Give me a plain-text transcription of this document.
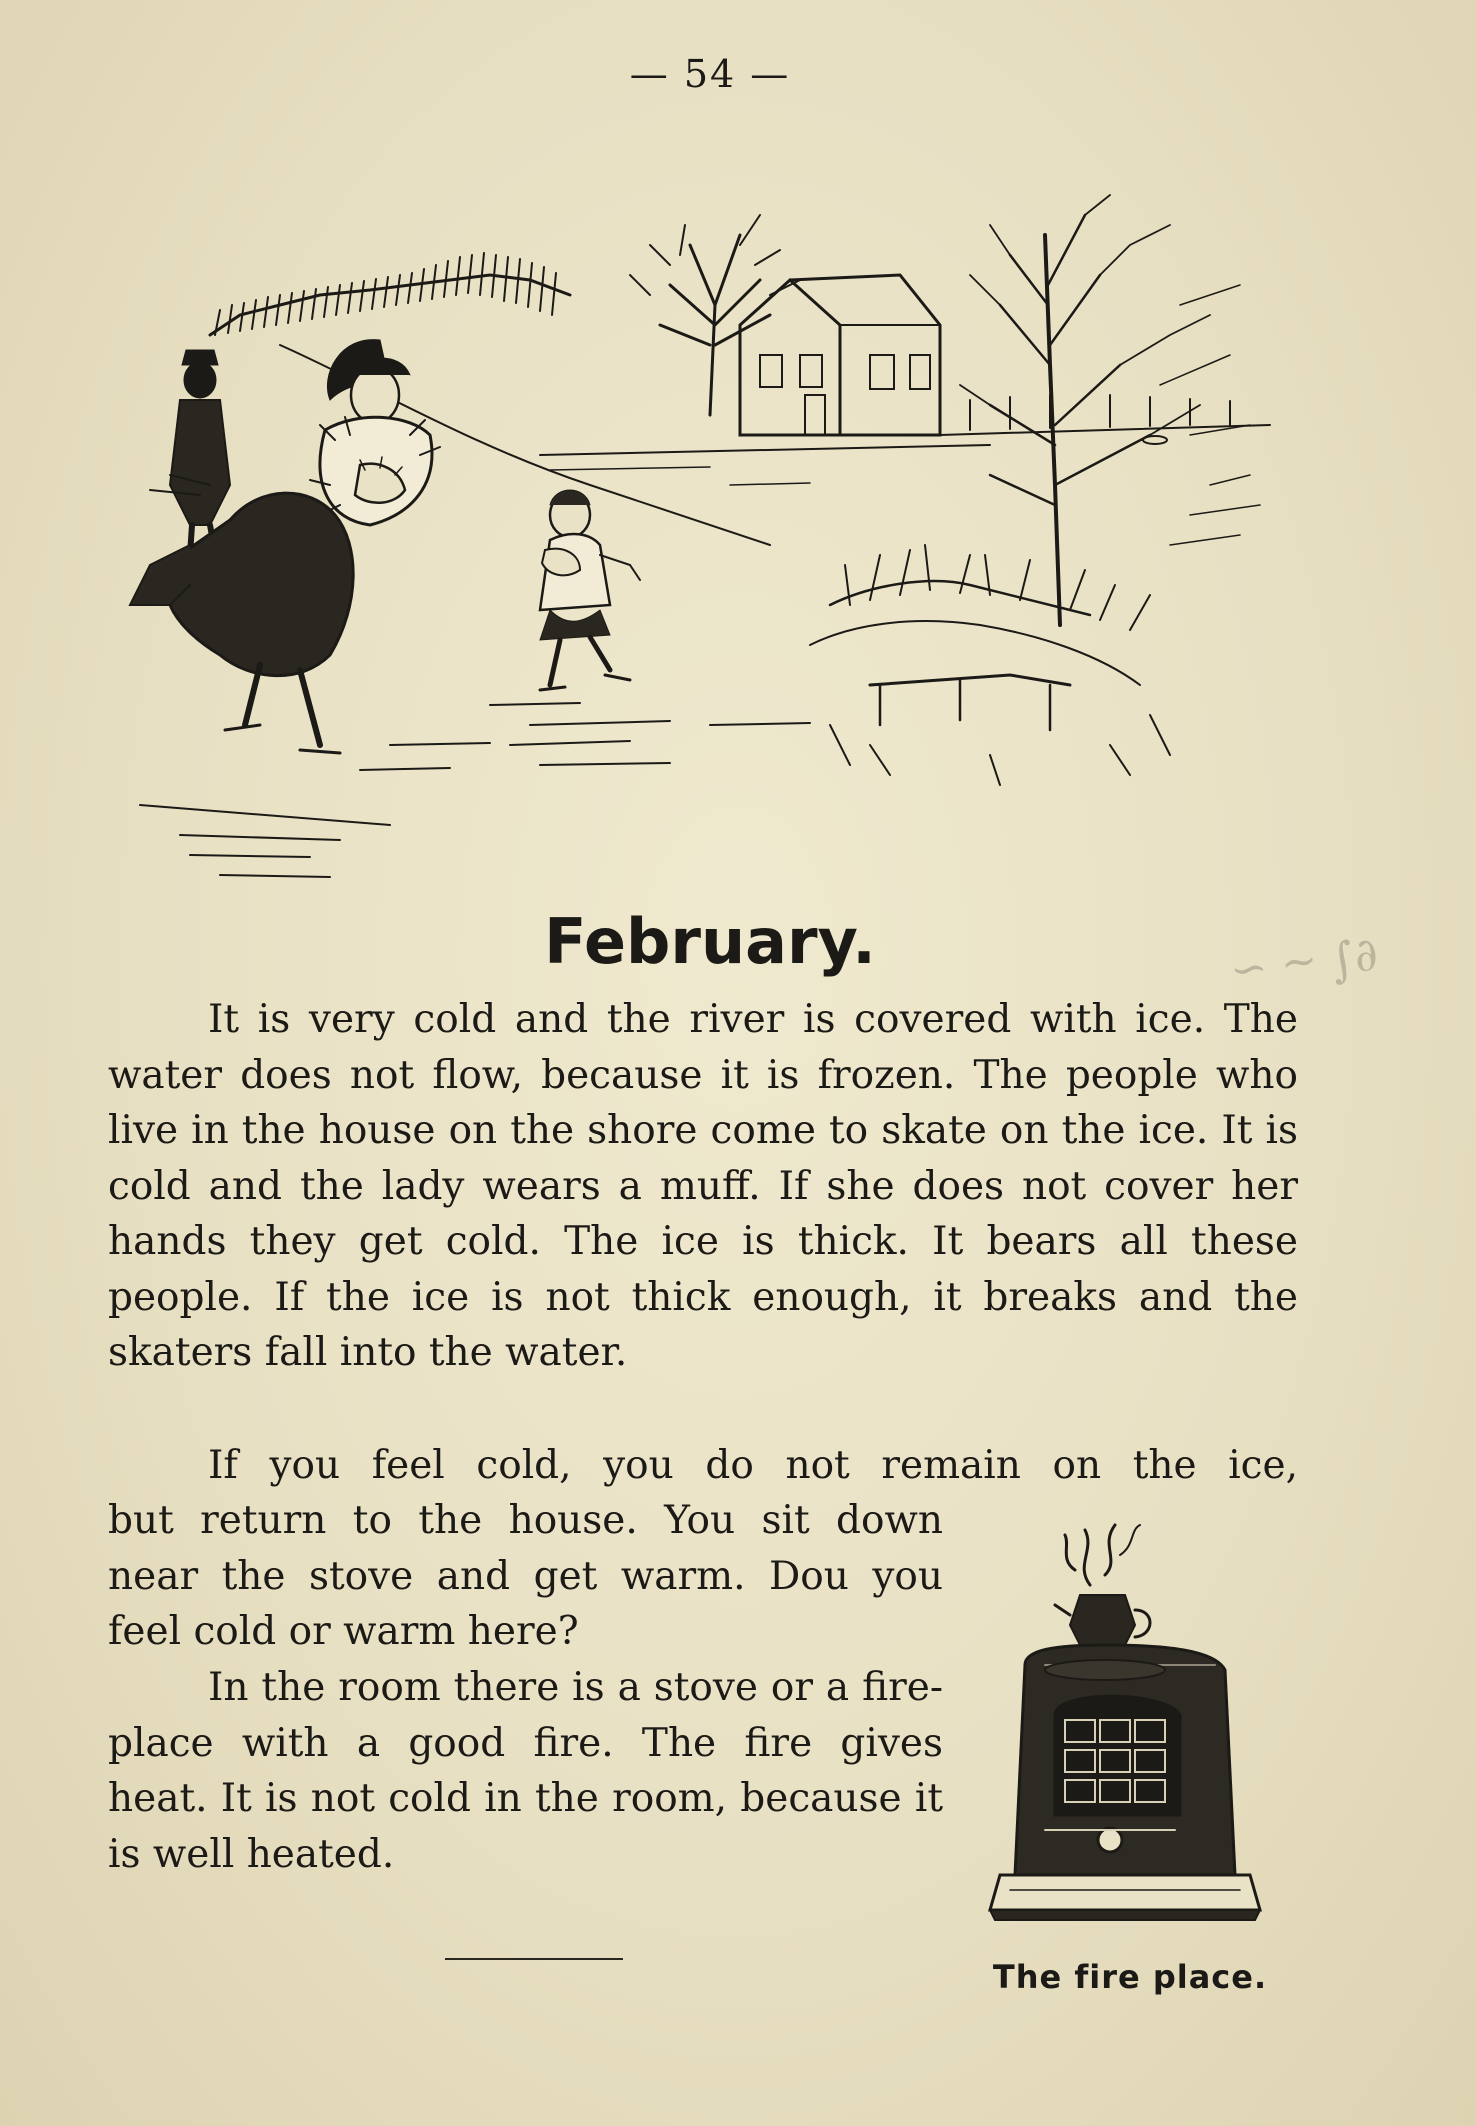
— 54 —
February.

It is very cold and the river is covered with ice. The water does not flow, because it is frozen. The people who live in the house on the shore come to skate on the ice. It is cold and the lady wears a muff. If she does not cover her hands they get cold. The ice is thick. It bears all these people. If the ice is not thick enough, it breaks and the skaters fall into the water.

If you feel cold, you do not remain on the ice,

but return to the house. You sit down near the stove and get warm. Dou you feel cold or warm here?

In the room there is a stove or a fire-place with a good fire. The fire gives heat. It is not cold in the room, because it is well heated.

The fire place.
∽ ∼ ∫∂
